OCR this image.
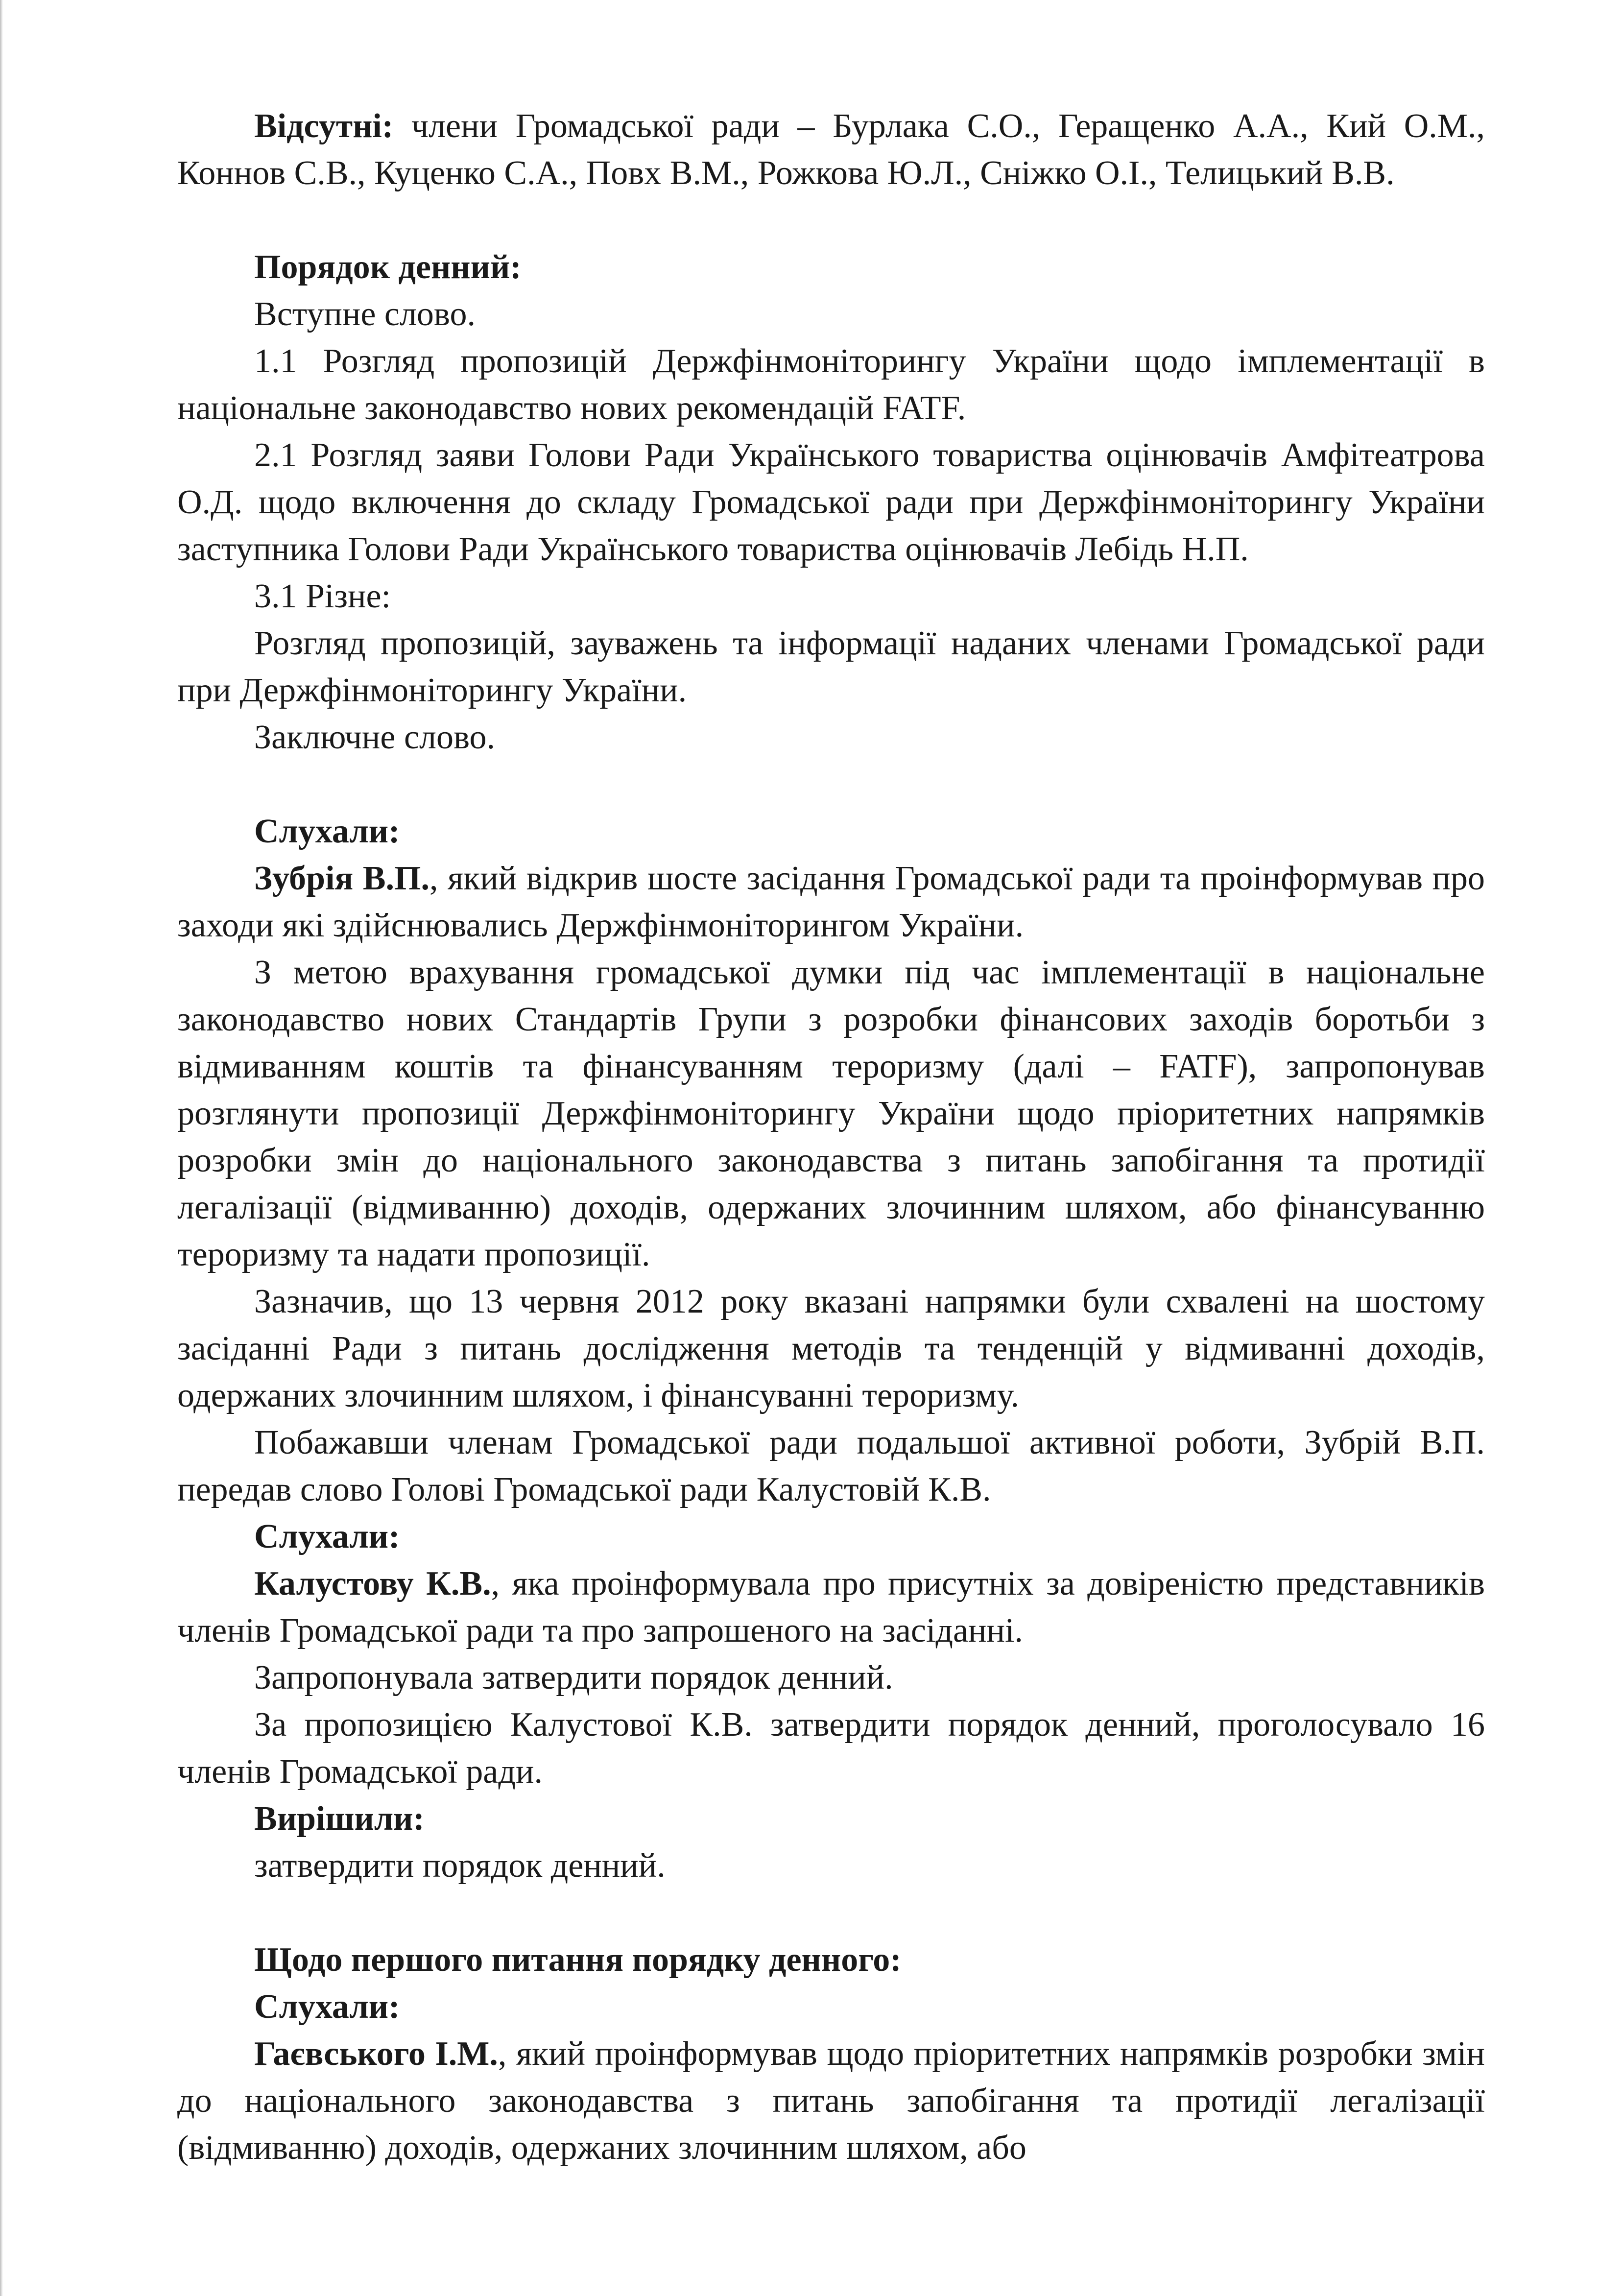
Відсутні: члени Громадської ради – Бурлака С.О., Геращенко А.А., Кий О.М., Коннов С.В., Куценко С.А., Повх В.М., Рожкова Ю.Л., Сніжко О.І., Телицький В.В.

Порядок денний:

Вступне слово.

1.1 Розгляд пропозицій Держфінмоніторингу України щодо імплементації в національне законодавство нових рекомендацій FATF.

2.1 Розгляд заяви Голови Ради Українського товариства оцінювачів Амфітеатрова О.Д. щодо включення до складу Громадської ради при Держфінмоніторингу України заступника Голови Ради Українського товариства оцінювачів Лебідь Н.П.

3.1 Різне:

Розгляд пропозицій, зауважень та інформації наданих членами Громадської ради при Держфінмоніторингу України.

Заключне слово.

Слухали:

Зубрія В.П., який відкрив шосте засідання Громадської ради та проінформував про заходи які здійснювались Держфінмоніторингом України.

З метою врахування громадської думки під час імплементації в національне законодавство нових Стандартів Групи з розробки фінансових заходів боротьби з відмиванням коштів та фінансуванням тероризму (далі – FATF), запропонував розглянути пропозиції Держфінмоніторингу України щодо пріоритетних напрямків розробки змін до національного законодавства з питань запобігання та протидії легалізації (відмиванню) доходів, одержаних злочинним шляхом, або фінансуванню тероризму та надати пропозиції.

Зазначив, що 13 червня 2012 року вказані напрямки були схвалені на шостому засіданні Ради з питань дослідження методів та тенденцій у відмиванні доходів, одержаних злочинним шляхом, і фінансуванні тероризму.

Побажавши членам Громадської ради подальшої активної роботи, Зубрій В.П. передав слово Голові Громадської ради Калустовій К.В.

Слухали:

Калустову К.В., яка проінформувала про присутніх за довіреністю представників членів Громадської ради та про запрошеного на засіданні.

Запропонувала затвердити порядок денний.

За пропозицією Калустової К.В. затвердити порядок денний, проголосувало 16 членів Громадської ради.

Вирішили:

затвердити порядок денний.

Щодо першого питання порядку денного:

Слухали:

Гаєвського І.М., який проінформував щодо пріоритетних напрямків розробки змін до національного законодавства з питань запобігання та протидії легалізації (відмиванню) доходів, одержаних злочинним шляхом, або
